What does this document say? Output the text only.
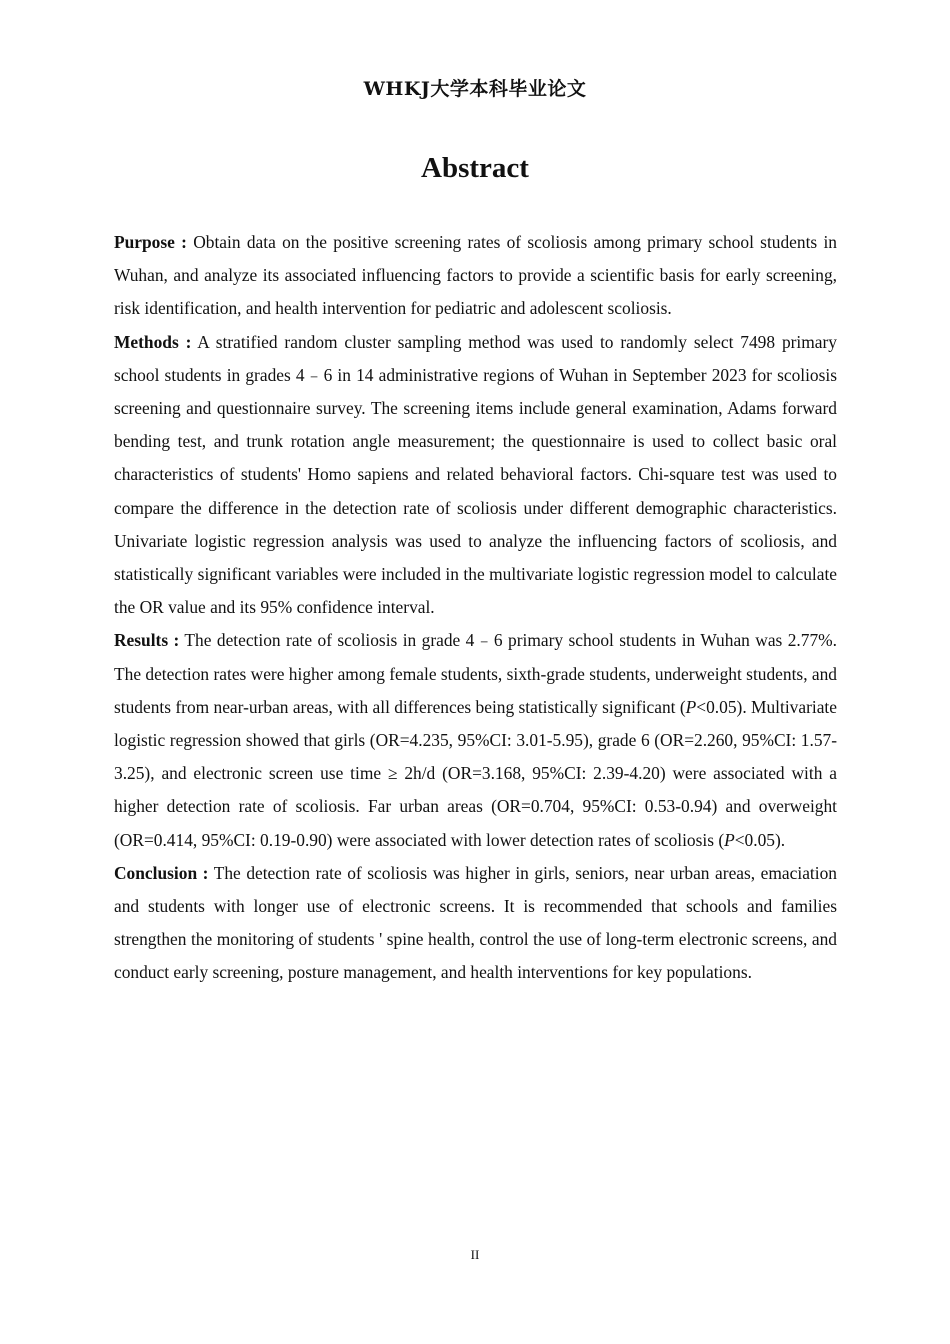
WHKJ大学本科毕业论文
Abstract

Purpose : Obtain data on the positive screening rates of scoliosis among primary school students in Wuhan, and analyze its associated influencing factors to provide a scientific basis for early screening, risk identification, and health intervention for pediatric and adolescent scoliosis.

Methods : A stratified random cluster sampling method was used to randomly select 7498 primary school students in grades 4﹣6 in 14 administrative regions of Wuhan in September 2023 for scoliosis screening and questionnaire survey. The screening items include general examination, Adams forward bending test, and trunk rotation angle measurement; the questionnaire is used to collect basic oral characteristics of students' Homo sapiens and related behavioral factors. Chi-square test was used to compare the difference in the detection rate of scoliosis under different demographic characteristics. Univariate logistic regression analysis was used to analyze the influencing factors of scoliosis, and statistically significant variables were included in the multivariate logistic regression model to calculate the OR value and its 95% confidence interval.

Results : The detection rate of scoliosis in grade 4﹣6 primary school students in Wuhan was 2.77%. The detection rates were higher among female students, sixth-grade students, underweight students, and students from near-urban areas, with all differences being statistically significant (P<0.05). Multivariate logistic regression showed that girls (OR=4.235, 95%CI: 3.01-5.95), grade 6 (OR=2.260, 95%CI: 1.57-3.25), and electronic screen use time ≥ 2h/d (OR=3.168, 95%CI: 2.39-4.20) were associated with a higher detection rate of scoliosis. Far urban areas (OR=0.704, 95%CI: 0.53-0.94) and overweight (OR=0.414, 95%CI: 0.19-0.90) were associated with lower detection rates of scoliosis (P<0.05).

Conclusion : The detection rate of scoliosis was higher in girls, seniors, near urban areas, emaciation and students with longer use of electronic screens. It is recommended that schools and families strengthen the monitoring of students ' spine health, control the use of long-term electronic screens, and conduct early screening, posture management, and health interventions for key populations.

II
